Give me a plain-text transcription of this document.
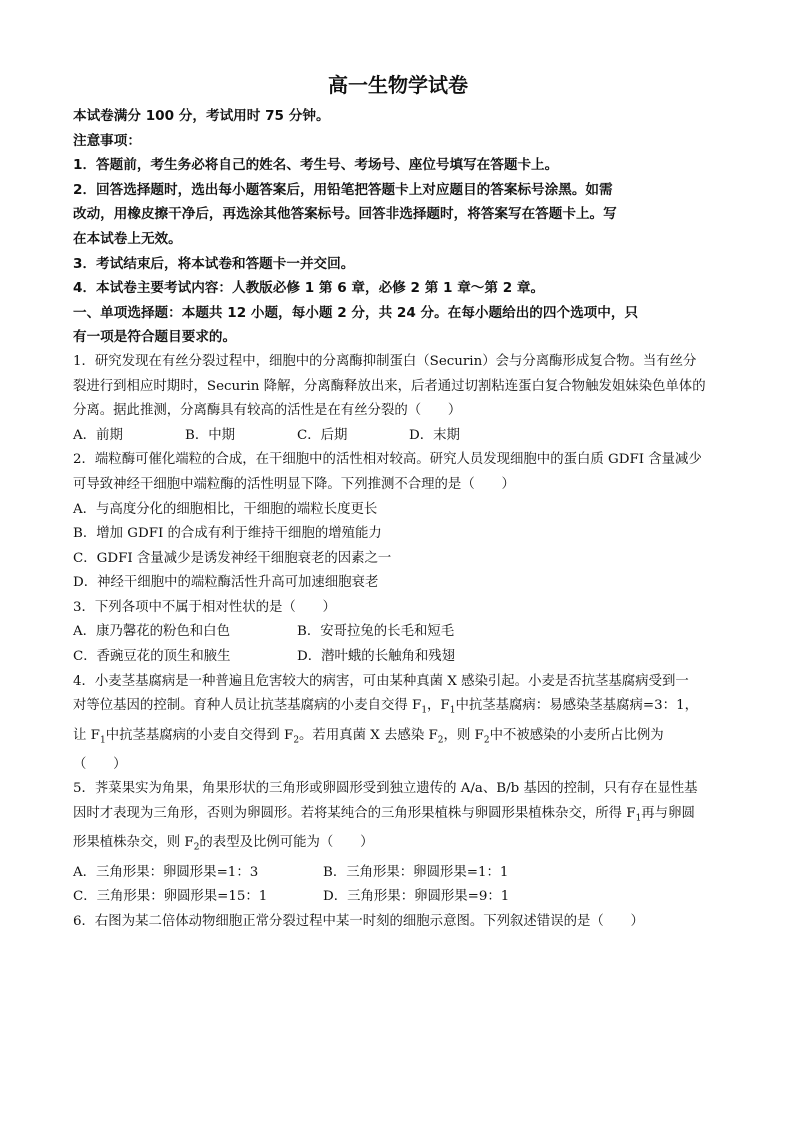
高一生物学试卷
本试卷满分 100 分，考试用时 75 分钟。
注意事项：
1．答题前，考生务必将自己的姓名、考生号、考场号、座位号填写在答题卡上。
2．回答选择题时，选出每小题答案后，用铅笔把答题卡上对应题目的答案标号涂黑。如需
改动，用橡皮擦干净后，再选涂其他答案标号。回答非选择题时，将答案写在答题卡上。写
在本试卷上无效。
3．考试结束后，将本试卷和答题卡一并交回。
4．本试卷主要考试内容：人教版必修 1 第 6 章，必修 2 第 1 章～第 2 章。
一、单项选择题：本题共 12 小题，每小题 2 分，共 24 分。在每小题给出的四个选项中，只
有一项是符合题目要求的。
1．研究发现在有丝分裂过程中，细胞中的分离酶抑制蛋白（Securin）会与分离酶形成复合物。当有丝分
裂进行到相应时期时，Securin 降解，分离酶释放出来，后者通过切割粘连蛋白复合物触发姐妹染色单体的
分离。据此推测，分离酶具有较高的活性是在有丝分裂的（　　）
A．前期	B．中期	C．后期	D．末期
2．端粒酶可催化端粒的合成，在干细胞中的活性相对较高。研究人员发现细胞中的蛋白质 GDFI 含量减少
可导致神经干细胞中端粒酶的活性明显下降。下列推测不合理的是（　　）
A．与高度分化的细胞相比，干细胞的端粒长度更长
B．增加 GDFI 的合成有利于维持干细胞的增殖能力
C．GDFI 含量减少是诱发神经干细胞衰老的因素之一
D．神经干细胞中的端粒酶活性升高可加速细胞衰老
3．下列各项中不属于相对性状的是（　　）
A．康乃馨花的粉色和白色	B．安哥拉兔的长毛和短毛
C．香豌豆花的顶生和腋生	D．潜叶蛾的长触角和残翅
4．小麦茎基腐病是一种普遍且危害较大的病害，可由某种真菌 X 感染引起。小麦是否抗茎基腐病受到一
对等位基因的控制。育种人员让抗茎基腐病的小麦自交得 $F_1$，$F_1$中抗茎基腐病：易感染茎基腐病=3：1，
让 $F_1$中抗茎基腐病的小麦自交得到 $F_2$。若用真菌 X 去感染 $F_2$，则 $F_2$中不被感染的小麦所占比例为
（　　）
5．荠菜果实为角果，角果形状的三角形或卵圆形受到独立遗传的 A/a、B/b 基因的控制，只有存在显性基
因时才表现为三角形，否则为卵圆形。若将某纯合的三角形果植株与卵圆形果植株杂交，所得 $F_1$再与卵圆
形果植株杂交，则 $F_2$的表型及比例可能为（　　）
A．三角形果：卵圆形果=1：3	B．三角形果：卵圆形果=1：1
C．三角形果：卵圆形果=15：1	D．三角形果：卵圆形果=9：1
6．右图为某二倍体动物细胞正常分裂过程中某一时刻的细胞示意图。下列叙述错误的是（　　）
